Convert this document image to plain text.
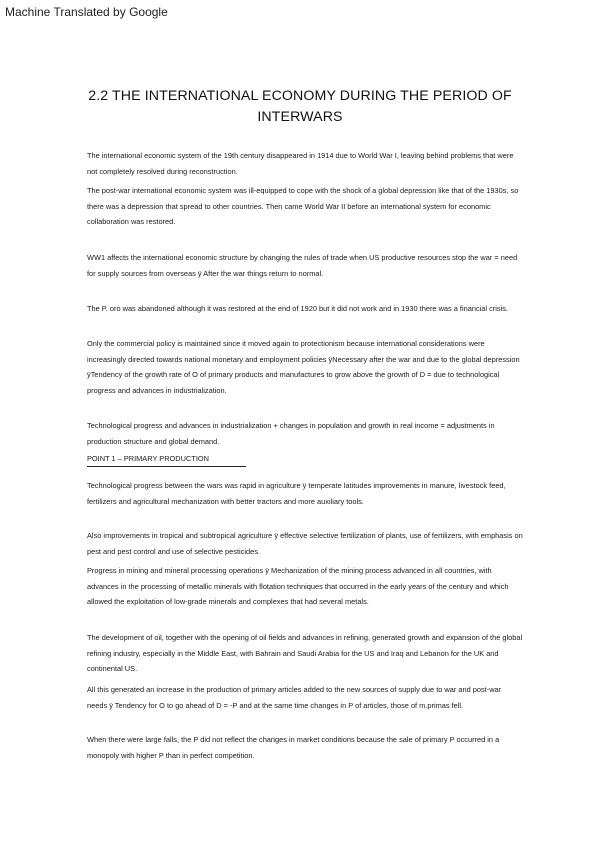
Machine Translated by Google
2.2 THE INTERNATIONAL ECONOMY DURING THE PERIOD OF INTERWARS

The international economic system of the 19th century disappeared in 1914 due to World War I, leaving behind problems that were not completely resolved during reconstruction.

The post-war international economic system was ill-equipped to cope with the shock of a global depression like that of the 1930s, so there was a depression that spread to other countries. Then came World War II before an international system for economic collaboration was restored.

WW1 affects the international economic structure by changing the rules of trade when US productive resources stop the war = need for supply sources from overseas ÿ After the war things return to normal.

The P. oro was abandoned although it was restored at the end of 1920 but it did not work and in 1930 there was a financial crisis.

Only the commercial policy is maintained since it moved again to protectionism because international considerations were increasingly directed towards national monetary and employment policies ÿNecessary after the war and due to the global depression ÿTendency of the growth rate of O of primary products and manufactures to grow above the growth of D = due to technological progress and advances in industrialization.

Technological progress and advances in industrialization + changes in population and growth in real income = adjustments in production structure and global demand.

POINT 1 – PRIMARY PRODUCTION

Technological progress between the wars was rapid in agriculture ÿ temperate latitudes improvements in manure, livestock feed, fertilizers and agricultural mechanization with better tractors and more auxiliary tools.

Also improvements in tropical and subtropical agriculture ÿ effective selective fertilization of plants, use of fertilizers, with emphasis on pest and pest control and use of selective pesticides.

Progress in mining and mineral processing operations ÿ Mechanization of the mining process advanced in all countries, with advances in the processing of metallic minerals with flotation techniques that occurred in the early years of the century and which allowed the exploitation of low-grade minerals and complexes that had several metals.

The development of oil, together with the opening of oil fields and advances in refining, generated growth and expansion of the global refining industry, especially in the Middle East, with Bahrain and Saudi Arabia for the US and Iraq and Lebanon for the UK and continental US.

All this generated an increase in the production of primary articles added to the new sources of supply due to war and post-war needs ÿ Tendency for O to go ahead of D = -P and at the same time changes in P of articles, those of m.primas fell.

When there were large falls, the P did not reflect the changes in market conditions because the sale of primary P occurred in a monopoly with higher P than in perfect competition.
